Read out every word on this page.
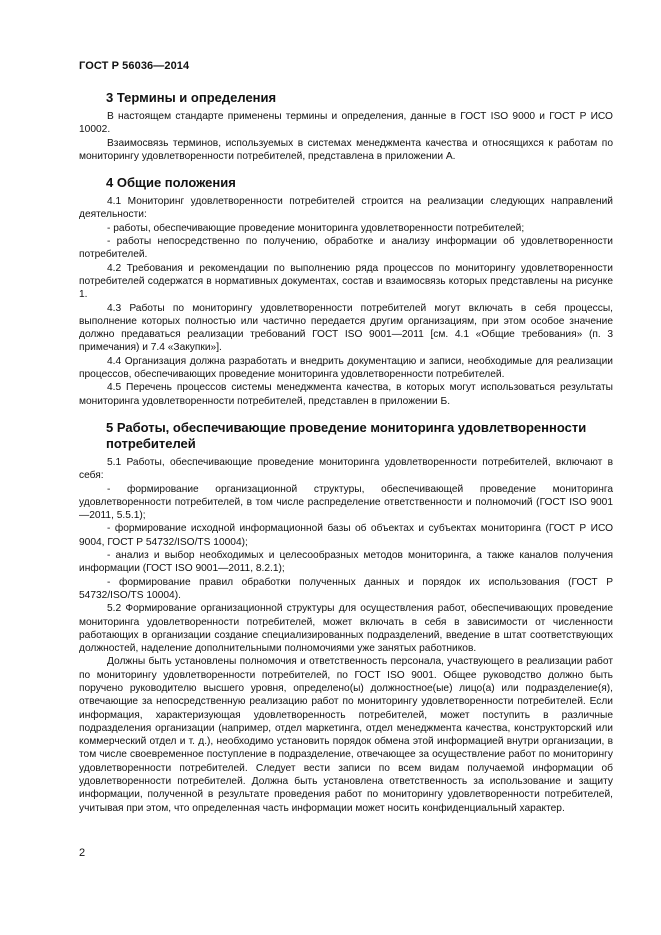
ГОСТ Р 56036—2014
3 Термины и определения

В настоящем стандарте применены термины и определения, данные в ГОСТ ISO 9000 и ГОСТ Р ИСО 10002.

Взаимосвязь терминов, используемых в системах менеджмента качества и относящихся к работам по мониторингу удовлетворенности потребителей, представлена в приложении А.

4 Общие положения

4.1 Мониторинг удовлетворенности потребителей строится на реализации следующих направлений деятельности:

- работы, обеспечивающие проведение мониторинга удовлетворенности потребителей;

- работы непосредственно по получению, обработке и анализу информации об удовлетворенности потребителей.

4.2 Требования и рекомендации по выполнению ряда процессов по мониторингу удовлетворенности потребителей содержатся в нормативных документах, состав и взаимосвязь которых представлены на рисунке 1.

4.3 Работы по мониторингу удовлетворенности потребителей могут включать в себя процессы, выполнение которых полностью или частично передается другим организациям, при этом особое значение должно предаваться реализации требований ГОСТ ISO 9001—2011 [см. 4.1 «Общие требования» (п. 3 примечания) и 7.4 «Закупки»].

4.4 Организация должна разработать и внедрить документацию и записи, необходимые для реализации процессов, обеспечивающих проведение мониторинга удовлетворенности потребителей.

4.5 Перечень процессов системы менеджмента качества, в которых могут использоваться результаты мониторинга удовлетворенности потребителей, представлен в приложении Б.

5 Работы, обеспечивающие проведение мониторинга удовлетворенности потребителей

5.1 Работы, обеспечивающие проведение мониторинга удовлетворенности потребителей, включают в себя:

- формирование организационной структуры, обеспечивающей проведение мониторинга удовлетворенности потребителей, в том числе распределение ответственности и полномочий (ГОСТ ISO 9001—2011, 5.5.1);

- формирование исходной информационной базы об объектах и субъектах мониторинга (ГОСТ Р ИСО 9004, ГОСТ Р 54732/ISO/TS 10004);

- анализ и выбор необходимых и целесообразных методов мониторинга, а также каналов получения информации (ГОСТ ISO 9001—2011, 8.2.1);

- формирование правил обработки полученных данных и порядок их использования (ГОСТ Р 54732/ISO/TS 10004).

5.2 Формирование организационной структуры для осуществления работ, обеспечивающих проведение мониторинга удовлетворенности потребителей, может включать в себя в зависимости от численности работающих в организации создание специализированных подразделений, введение в штат соответствующих должностей, наделение дополнительными полномочиями уже занятых работников.

Должны быть установлены полномочия и ответственность персонала, участвующего в реализации работ по мониторингу удовлетворенности потребителей, по ГОСТ ISO 9001. Общее руководство должно быть поручено руководителю высшего уровня, определено(ы) должностное(ые) лицо(а) или подразделение(я), отвечающие за непосредственную реализацию работ по мониторингу удовлетворенности потребителей. Если информация, характеризующая удовлетворенность потребителей, может поступить в различные подразделения организации (например, отдел маркетинга, отдел менеджмента качества, конструкторский или коммерческий отдел и т. д.), необходимо установить порядок обмена этой информацией внутри организации, в том числе своевременное поступление в подразделение, отвечающее за осуществление работ по мониторингу удовлетворенности потребителей. Следует вести записи по всем видам получаемой информации об удовлетворенности потребителей. Должна быть установлена ответственность за использование и защиту информации, полученной в результате проведения работ по мониторингу удовлетворенности потребителей, учитывая при этом, что определенная часть информации может носить конфиденциальный характер.

2
